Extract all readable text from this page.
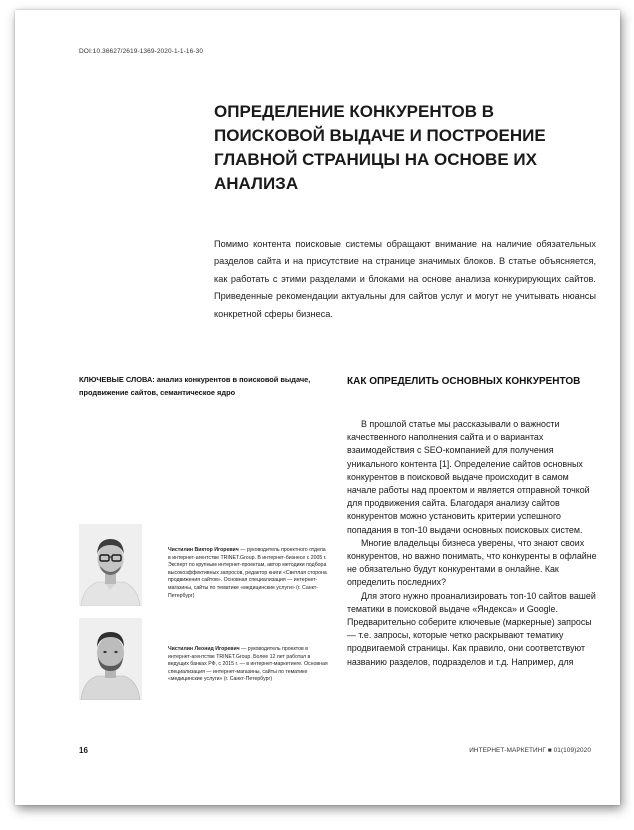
DOI:10.36627/2619-1369-2020-1-1-16-30
ОПРЕДЕЛЕНИЕ КОНКУРЕНТОВ В ПОИСКОВОЙ ВЫДАЧЕ И ПОСТРОЕНИЕ ГЛАВНОЙ СТРАНИЦЫ НА ОСНОВЕ ИХ АНАЛИЗА

Помимо контента поисковые системы обращают внимание на наличие обязательных разделов сайта и на присутствие на странице значимых блоков. В статье объясняется, как работать с этими разделами и блоками на основе анализа конкурирующих сайтов. Приведенные рекомендации актуальны для сайтов услуг и могут не учитывать нюансы конкретной сферы бизнеса.

КЛЮЧЕВЫЕ СЛОВА: анализ конкурентов в поисковой выдаче, продвижение сайтов, семантическое ядро
Чистилин Виктор Игоревич — руководитель проектного отдела в интернет-агентстве TRINET.Group. В интернет-бизнесе с 2005 г. Эксперт по крупным интернет-проектам, автор методики подбора высокоэффективных запросов, редактор книги «Светлая сторона продвижения сайтов». Основная специализация — интернет-магазины, сайты по тематике «медицинские услуги» (г. Санкт-Петербург)
Чистилин Леонид Игоревич — руководитель проектов в интернет-агентстве TRINET.Group. Более 12 лет работал в ведущих банках РФ, с 2015 г. — в интернет-маркетинге. Основная специализация — интернет-магазины, сайты по тематике «медицинские услуги» (г. Санкт-Петербург)
КАК ОПРЕДЕЛИТЬ ОСНОВНЫХ КОНКУРЕНТОВ

В прошлой статье мы рассказывали о важности качественного наполнения сайта и о вариантах взаимодействия с SEO-компанией для получения уникального контента [1]. Определение сайтов основных конкурентов в поисковой выдаче происходит в самом начале работы над проектом и является отправной точкой для продвижения сайта. Благодаря анализу сайтов конкурентов можно установить критерии успешного попадания в топ-10 выдачи основных поисковых систем.

Многие владельцы бизнеса уверены, что знают своих конкурентов, но важно понимать, что конкуренты в офлайне не обязательно будут конкурентами в онлайне. Как определить последних?

Для этого нужно проанализировать топ-10 сайтов вашей тематики в поисковой выдаче «Яндекса» и Google. Предварительно соберите ключевые (маркерные) запросы — т.е. запросы, которые четко раскрывают тематику продвигаемой страницы. Как правило, они соответствуют названию разделов, подразделов и т.д. Например, для

16	ИНТЕРНЕТ-МАРКЕТИНГ ■ 01(109)2020
